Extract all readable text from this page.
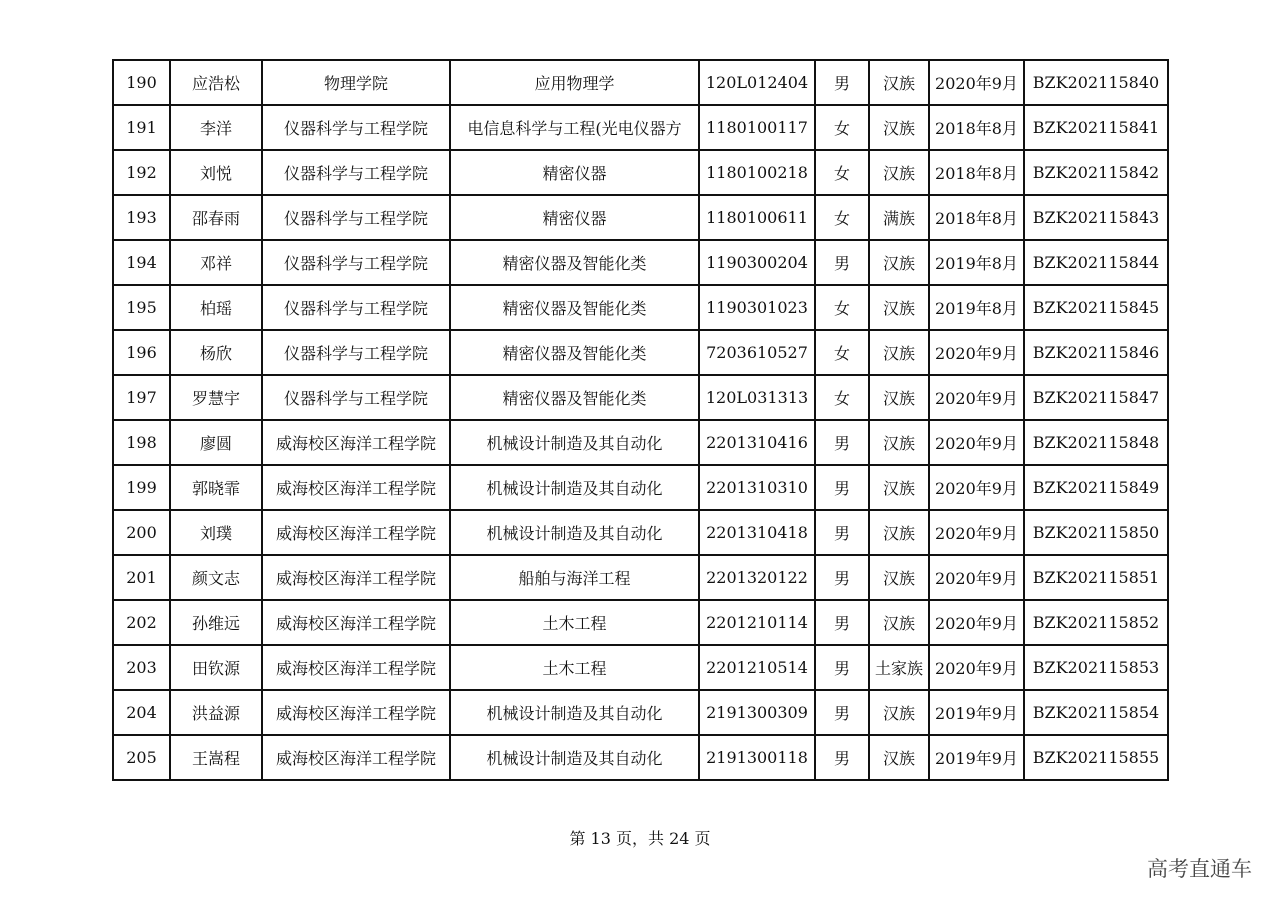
190	应浩松	物理学院	应用物理学	120L012404	男	汉族	2020年9月	BZK202115840
191	李洋	仪器科学与工程学院	电信息科学与工程(光电仪器方	1180100117	女	汉族	2018年8月	BZK202115841
192	刘悦	仪器科学与工程学院	精密仪器	1180100218	女	汉族	2018年8月	BZK202115842
193	邵春雨	仪器科学与工程学院	精密仪器	1180100611	女	满族	2018年8月	BZK202115843
194	邓祥	仪器科学与工程学院	精密仪器及智能化类	1190300204	男	汉族	2019年8月	BZK202115844
195	柏瑶	仪器科学与工程学院	精密仪器及智能化类	1190301023	女	汉族	2019年8月	BZK202115845
196	杨欣	仪器科学与工程学院	精密仪器及智能化类	7203610527	女	汉族	2020年9月	BZK202115846
197	罗慧宇	仪器科学与工程学院	精密仪器及智能化类	120L031313	女	汉族	2020年9月	BZK202115847
198	廖圆	威海校区海洋工程学院	机械设计制造及其自动化	2201310416	男	汉族	2020年9月	BZK202115848
199	郭晓霏	威海校区海洋工程学院	机械设计制造及其自动化	2201310310	男	汉族	2020年9月	BZK202115849
200	刘璞	威海校区海洋工程学院	机械设计制造及其自动化	2201310418	男	汉族	2020年9月	BZK202115850
201	颜文志	威海校区海洋工程学院	船舶与海洋工程	2201320122	男	汉族	2020年9月	BZK202115851
202	孙维远	威海校区海洋工程学院	土木工程	2201210114	男	汉族	2020年9月	BZK202115852
203	田钦源	威海校区海洋工程学院	土木工程	2201210514	男	土家族	2020年9月	BZK202115853
204	洪益源	威海校区海洋工程学院	机械设计制造及其自动化	2191300309	男	汉族	2019年9月	BZK202115854
205	王嵩程	威海校区海洋工程学院	机械设计制造及其自动化	2191300118	男	汉族	2019年9月	BZK202115855
第 13 页，共 24 页
高考直通车
